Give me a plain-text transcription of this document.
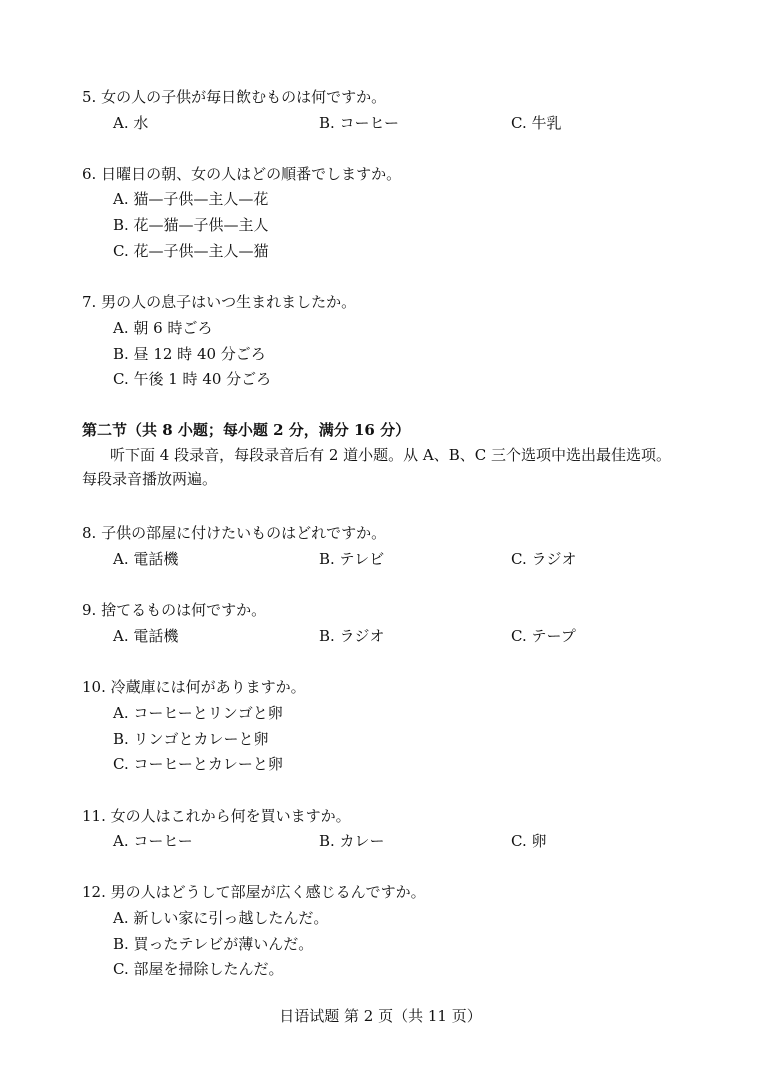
5. 女の人の子供が毎日飲むものは何ですか。
A. 水	B. コーヒー	C. 牛乳
6. 日曜日の朝、女の人はどの順番でしますか。
A. 猫—子供—主人—花
B. 花—猫—子供—主人
C. 花—子供—主人—猫
7. 男の人の息子はいつ生まれましたか。
A. 朝 6 時ごろ
B. 昼 12 時 40 分ごろ
C. 午後 1 時 40 分ごろ
第二节（共 8 小题；每小题 2 分，满分 16 分）
听下面 4 段录音，每段录音后有 2 道小题。从 A、B、C 三个选项中选出最佳选项。每段录音播放两遍。
8. 子供の部屋に付けたいものはどれですか。
A. 電話機	B. テレビ	C. ラジオ
9. 捨てるものは何ですか。
A. 電話機	B. ラジオ	C. テープ
10. 冷蔵庫には何がありますか。
A. コーヒーとリンゴと卵
B. リンゴとカレーと卵
C. コーヒーとカレーと卵
11. 女の人はこれから何を買いますか。
A. コーヒー	B. カレー	C. 卵
12. 男の人はどうして部屋が広く感じるんですか。
A. 新しい家に引っ越したんだ。
B. 買ったテレビが薄いんだ。
C. 部屋を掃除したんだ。
日语试题 第 2 页（共 11 页）
